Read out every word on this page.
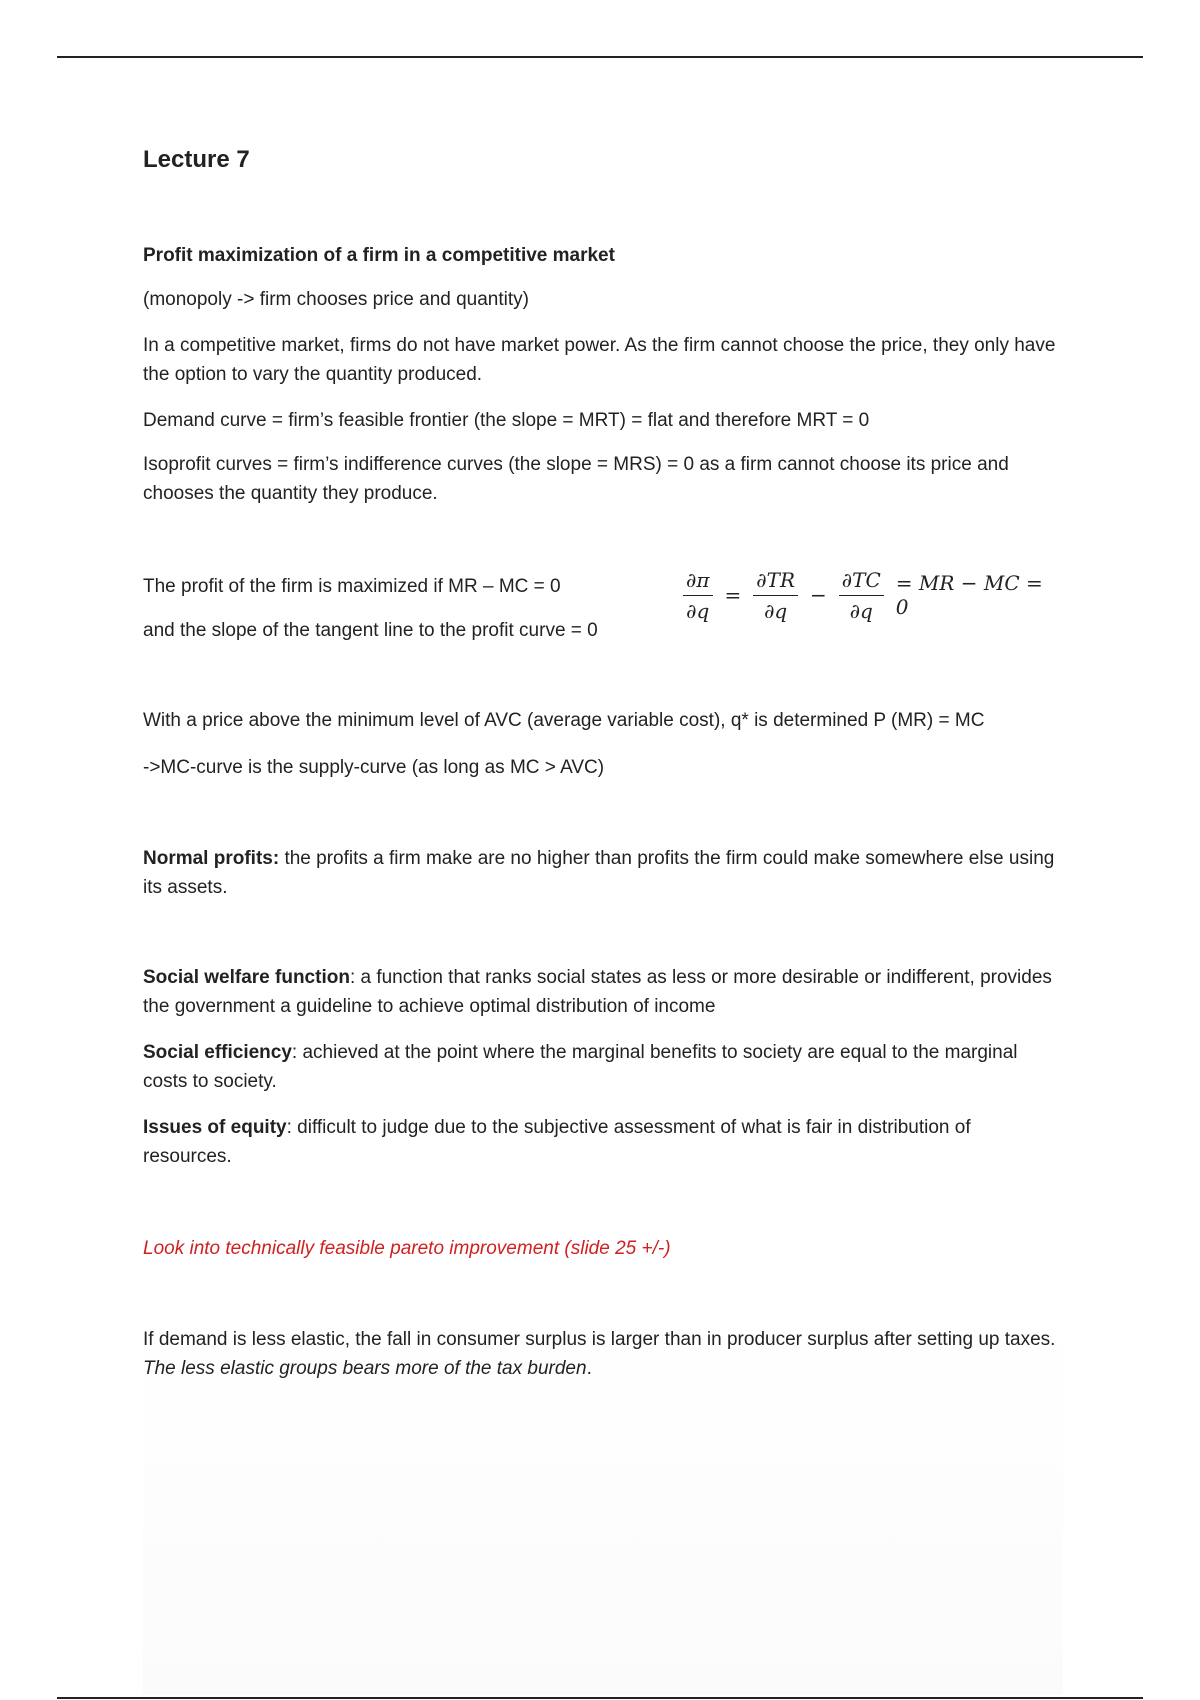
Lecture 7
Profit maximization of a firm in a competitive market
(monopoly -> firm chooses price and quantity)
In a competitive market, firms do not have market power. As the firm cannot choose the price, they only have the option to vary the quantity produced.
Demand curve = firm’s feasible frontier (the slope = MRT) = flat and therefore MRT = 0
Isoprofit curves = firm’s indifference curves (the slope = MRS) = 0 as a firm cannot choose its price and chooses the quantity they produce.
The profit of the firm is maximized if MR – MC = 0
and the slope of the tangent line to the profit curve = 0
$\frac{\partial\pi}{\partial q} = \frac{\partial TR}{\partial q} - \frac{\partial TC}{\partial q}$ = MR − MC = 0
With a price above the minimum level of AVC (average variable cost), q* is determined P (MR) = MC
->MC-curve is the supply-curve (as long as MC > AVC)
Normal profits: the profits a firm make are no higher than profits the firm could make somewhere else using its assets.
Social welfare function: a function that ranks social states as less or more desirable or indifferent, provides the government a guideline to achieve optimal distribution of income
Social efficiency: achieved at the point where the marginal benefits to society are equal to the marginal costs to society.
Issues of equity: difficult to judge due to the subjective assessment of what is fair in distribution of resources.
Look into technically feasible pareto improvement (slide 25 +/-)
If demand is less elastic, the fall in consumer surplus is larger than in producer surplus after setting up taxes. The less elastic groups bears more of the tax burden.
